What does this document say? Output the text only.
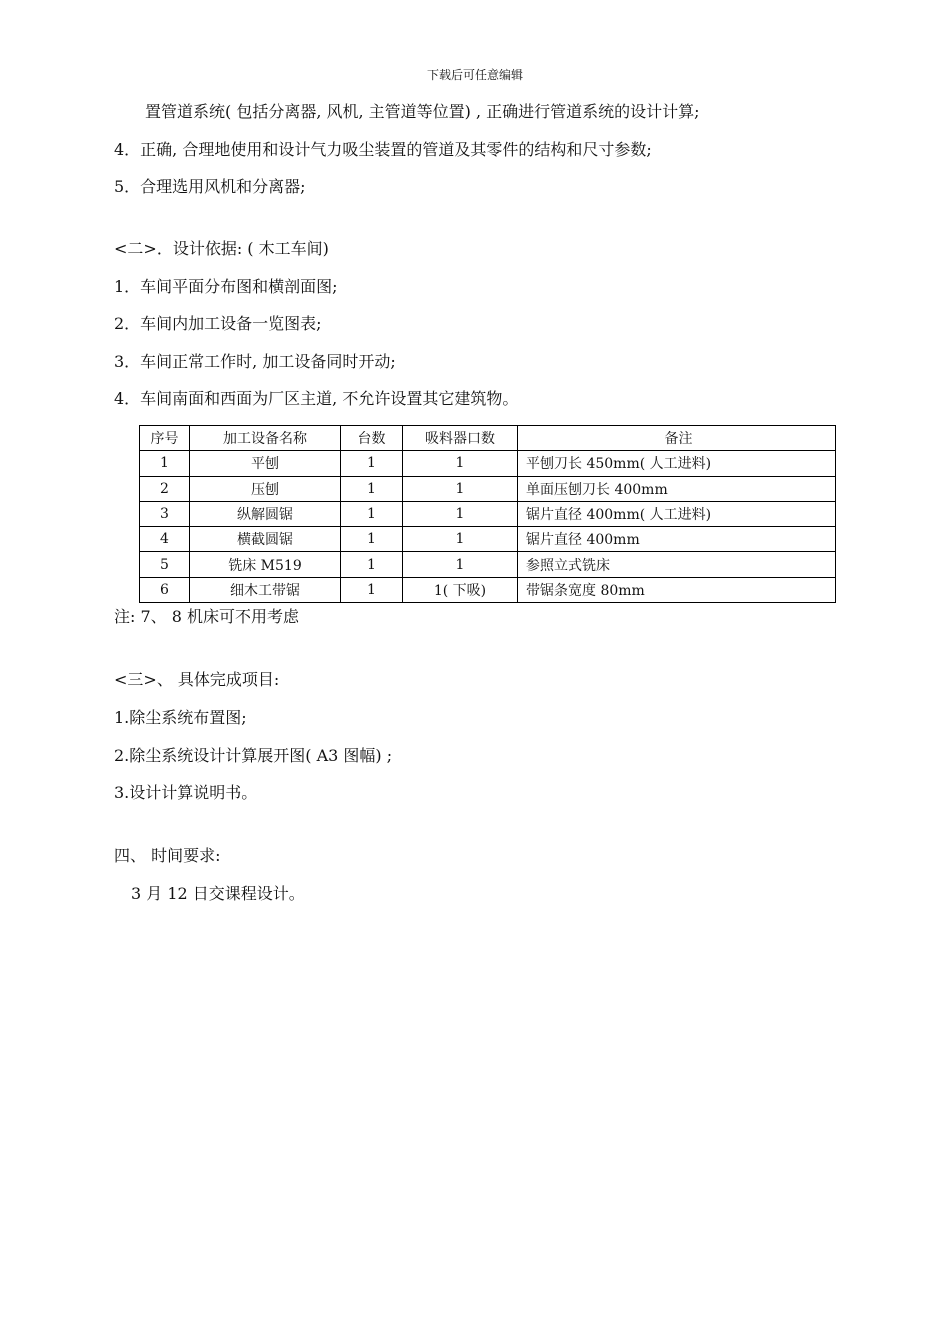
下载后可任意编辑
置管道系统( 包括分离器, 风机, 主管道等位置) , 正确进行管道系统的设计计算;
4．正确, 合理地使用和设计气力吸尘装置的管道及其零件的结构和尺寸参数;
5．合理选用风机和分离器;
<二>．设计依据: ( 木工车间)
1．车间平面分布图和横剖面图;
2．车间内加工设备一览图表;
3．车间正常工作时, 加工设备同时开动;
4．车间南面和西面为厂区主道, 不允许设置其它建筑物。
序号	加工设备名称	台数	吸料器口数	备注
1	平刨	1	1	平刨刀长 450mm( 人工进料)
2	压刨	1	1	单面压刨刀长 400mm
3	纵解圆锯	1	1	锯片直径 400mm( 人工进料)
4	横截圆锯	1	1	锯片直径 400mm
5	铣床 M519	1	1	参照立式铣床
6	细木工带锯	1	1( 下吸)	带锯条宽度 80mm
注: 7、 8 机床可不用考虑
<三>、 具体完成项目:
1.除尘系统布置图;
2.除尘系统设计计算展开图( A3 图幅) ;
3.设计计算说明书。
四、 时间要求:
3 月 12 日交课程设计。
